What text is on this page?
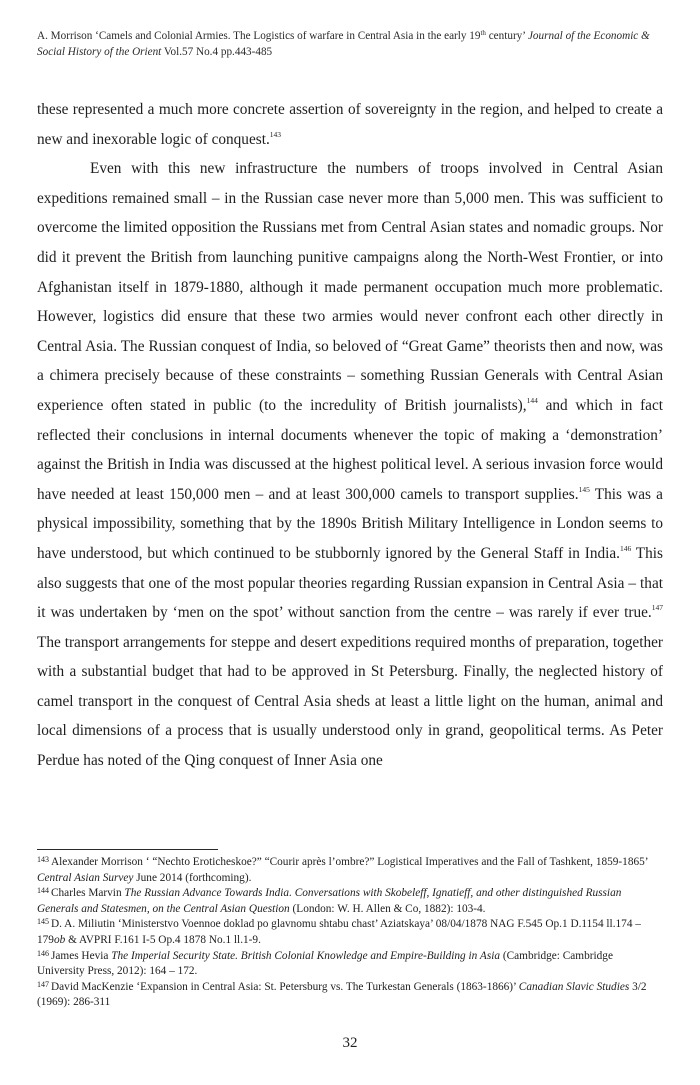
A. Morrison ‘Camels and Colonial Armies. The Logistics of warfare in Central Asia in the early 19th century’ Journal of the Economic & Social History of the Orient Vol.57 No.4 pp.443-485

these represented a much more concrete assertion of sovereignty in the region, and helped to create a new and inexorable logic of conquest.$^{143}$

Even with this new infrastructure the numbers of troops involved in Central Asian expeditions remained small – in the Russian case never more than 5,000 men. This was sufficient to overcome the limited opposition the Russians met from Central Asian states and nomadic groups. Nor did it prevent the British from launching punitive campaigns along the North-West Frontier, or into Afghanistan itself in 1879-1880, although it made permanent occupation much more problematic. However, logistics did ensure that these two armies would never confront each other directly in Central Asia. The Russian conquest of India, so beloved of “Great Game” theorists then and now, was a chimera precisely because of these constraints – something Russian Generals with Central Asian experience often stated in public (to the incredulity of British journalists),$^{144}$ and which in fact reflected their conclusions in internal documents whenever the topic of making a ‘demonstration’ against the British in India was discussed at the highest political level. A serious invasion force would have needed at least 150,000 men – and at least 300,000 camels to transport supplies.$^{145}$ This was a physical impossibility, something that by the 1890s British Military Intelligence in London seems to have understood, but which continued to be stubbornly ignored by the General Staff in India.$^{146}$ This also suggests that one of the most popular theories regarding Russian expansion in Central Asia – that it was undertaken by ‘men on the spot’ without sanction from the centre – was rarely if ever true.$^{147}$ The transport arrangements for steppe and desert expeditions required months of preparation, together with a substantial budget that had to be approved in St Petersburg. Finally, the neglected history of camel transport in the conquest of Central Asia sheds at least a little light on the human, animal and local dimensions of a process that is usually understood only in grand, geopolitical terms. As Peter Perdue has noted of the Qing conquest of Inner Asia one

$^{143}$ Alexander Morrison ‘ “Nechto Eroticheskoe?” “Courir après l’ombre?” Logistical Imperatives and the Fall of Tashkent, 1859-1865’ Central Asian Survey June 2014 (forthcoming).

$^{144}$ Charles Marvin The Russian Advance Towards India. Conversations with Skobeleff, Ignatieff, and other distinguished Russian Generals and Statesmen, on the Central Asian Question (London: W. H. Allen & Co, 1882): 103-4.

$^{145}$ D. A. Miliutin ‘Ministerstvo Voennoe doklad po glavnomu shtabu chast’ Aziatskaya’ 08/04/1878 NAG F.545 Op.1 D.1154 ll.174 – 179ob & AVPRI F.161 I-5 Op.4 1878 No.1 ll.1-9.

$^{146}$ James Hevia The Imperial Security State. British Colonial Knowledge and Empire-Building in Asia (Cambridge: Cambridge University Press, 2012): 164 – 172.

$^{147}$ David MacKenzie ‘Expansion in Central Asia: St. Petersburg vs. The Turkestan Generals (1863-1866)’ Canadian Slavic Studies 3/2 (1969): 286-311

32
